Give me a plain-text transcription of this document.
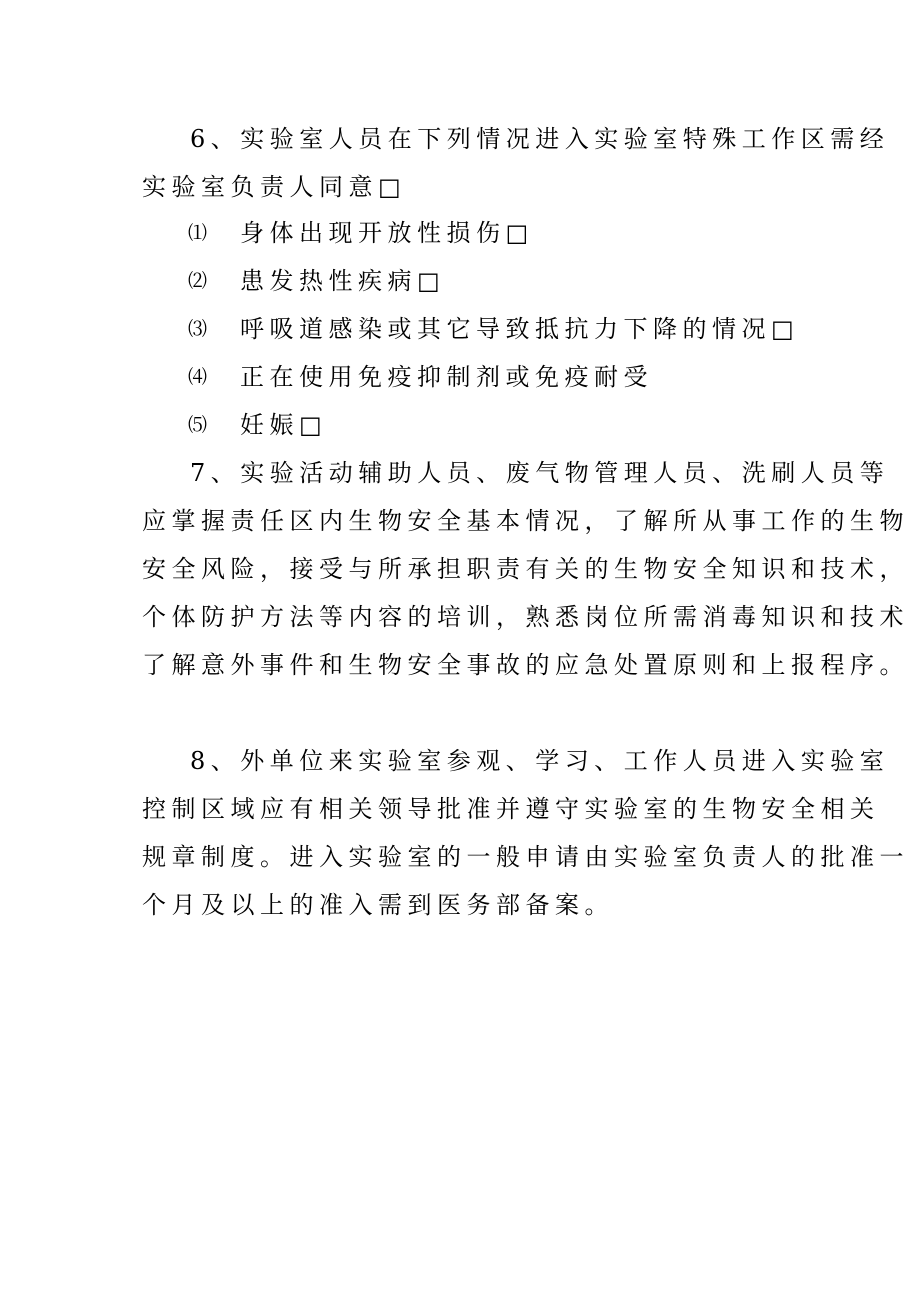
6、实验室人员在下列情况进入实验室特殊工作区需经
实验室负责人同意□
⑴ 身体出现开放性损伤□
⑵ 患发热性疾病□
⑶ 呼吸道感染或其它导致抵抗力下降的情况□
⑷ 正在使用免疫抑制剂或免疫耐受
⑸ 妊娠□
7、实验活动辅助人员、废气物管理人员、洗刷人员等
应掌握责任区内生物安全基本情况，了解所从事工作的生物
安全风险，接受与所承担职责有关的生物安全知识和技术，
个体防护方法等内容的培训，熟悉岗位所需消毒知识和技术
了解意外事件和生物安全事故的应急处置原则和上报程序。
8、外单位来实验室参观、学习、工作人员进入实验室
控制区域应有相关领导批准并遵守实验室的生物安全相关
规章制度。进入实验室的一般申请由实验室负责人的批准一
个月及以上的准入需到医务部备案。
